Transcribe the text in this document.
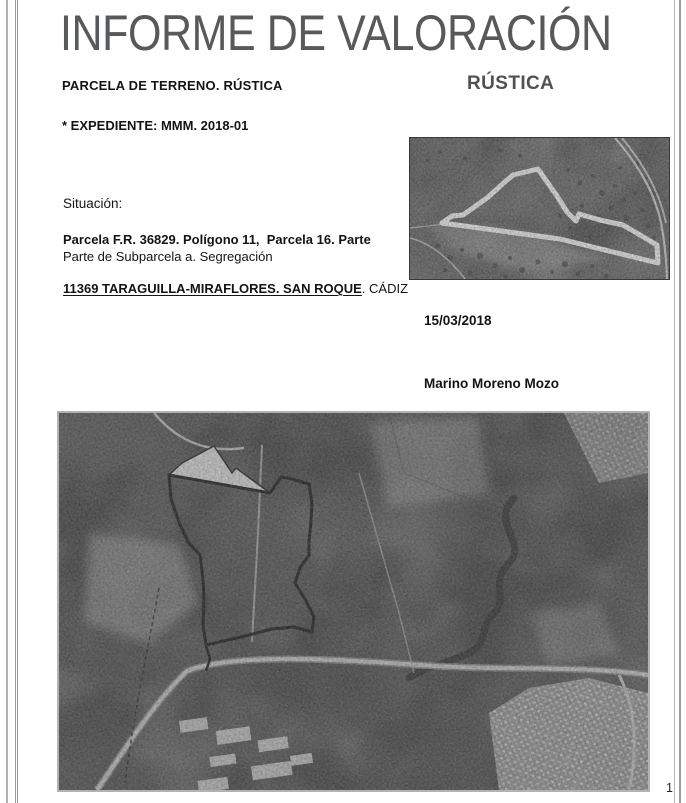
INFORME DE VALORACIÓN
PARCELA DE TERRENO. RÚSTICA	RÚSTICA
* EXPEDIENTE: MMM. 2018-01
Situación:
Parcela F.R. 36829. Polígono 11,  Parcela 16. Parte
Parte de Subparcela a. Segregación
11369 TARAGUILLA-MIRAFLORES. SAN ROQUE. CÁDIZ
15/03/2018

Marino Moreno Mozo

1
